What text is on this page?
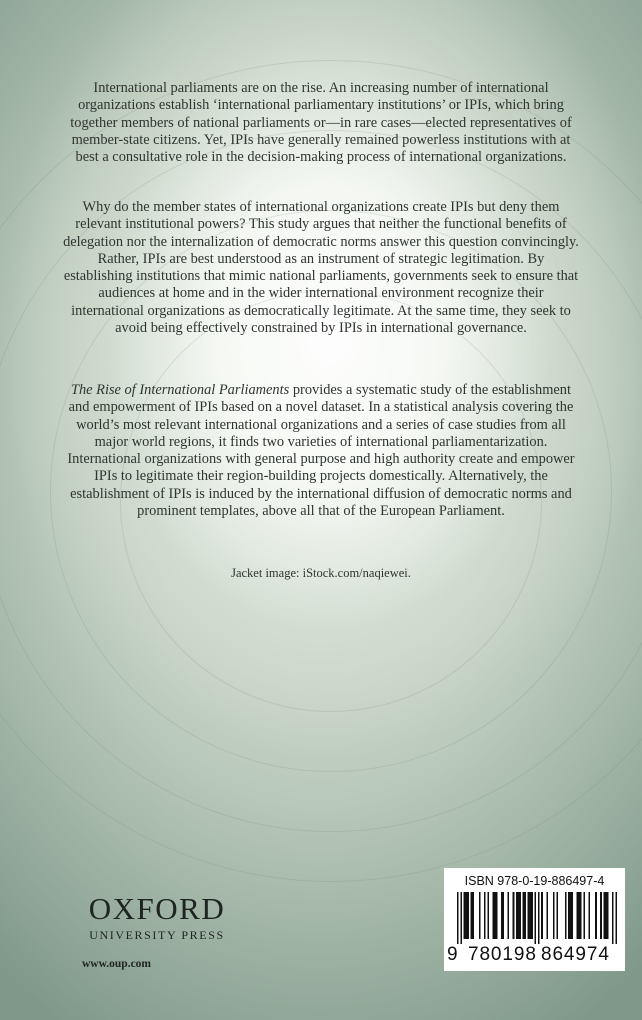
International parliaments are on the rise. An increasing number of international organizations establish ‘international parliamentary institutions’ or IPIs, which bring together members of national parliaments or—in rare cases—elected representatives of member-state citizens. Yet, IPIs have generally remained powerless institutions with at best a consultative role in the decision-making process of international organizations.

Why do the member states of international organizations create IPIs but deny them relevant institutional powers? This study argues that neither the functional benefits of delegation nor the internalization of democratic norms answer this question convincingly. Rather, IPIs are best understood as an instrument of strategic legitimation. By establishing institutions that mimic national parliaments, governments seek to ensure that audiences at home and in the wider international environment recognize their international organizations as democratically legitimate. At the same time, they seek to avoid being effectively constrained by IPIs in international governance.

The Rise of International Parliaments provides a systematic study of the establishment and empowerment of IPIs based on a novel dataset. In a statistical analysis covering the world’s most relevant international organizations and a series of case studies from all major world regions, it finds two varieties of international parliamentarization. International organizations with general purpose and high authority create and empower IPIs to legitimate their region-building projects domestically. Alternatively, the establishment of IPIs is induced by the international diffusion of democratic norms and prominent templates, above all that of the European Parliament.

Jacket image: iStock.com/naqiewei.

OXFORD

UNIVERSITY PRESS

www.oup.com

ISBN 978-0-19-886497-4
9 780198 864974
